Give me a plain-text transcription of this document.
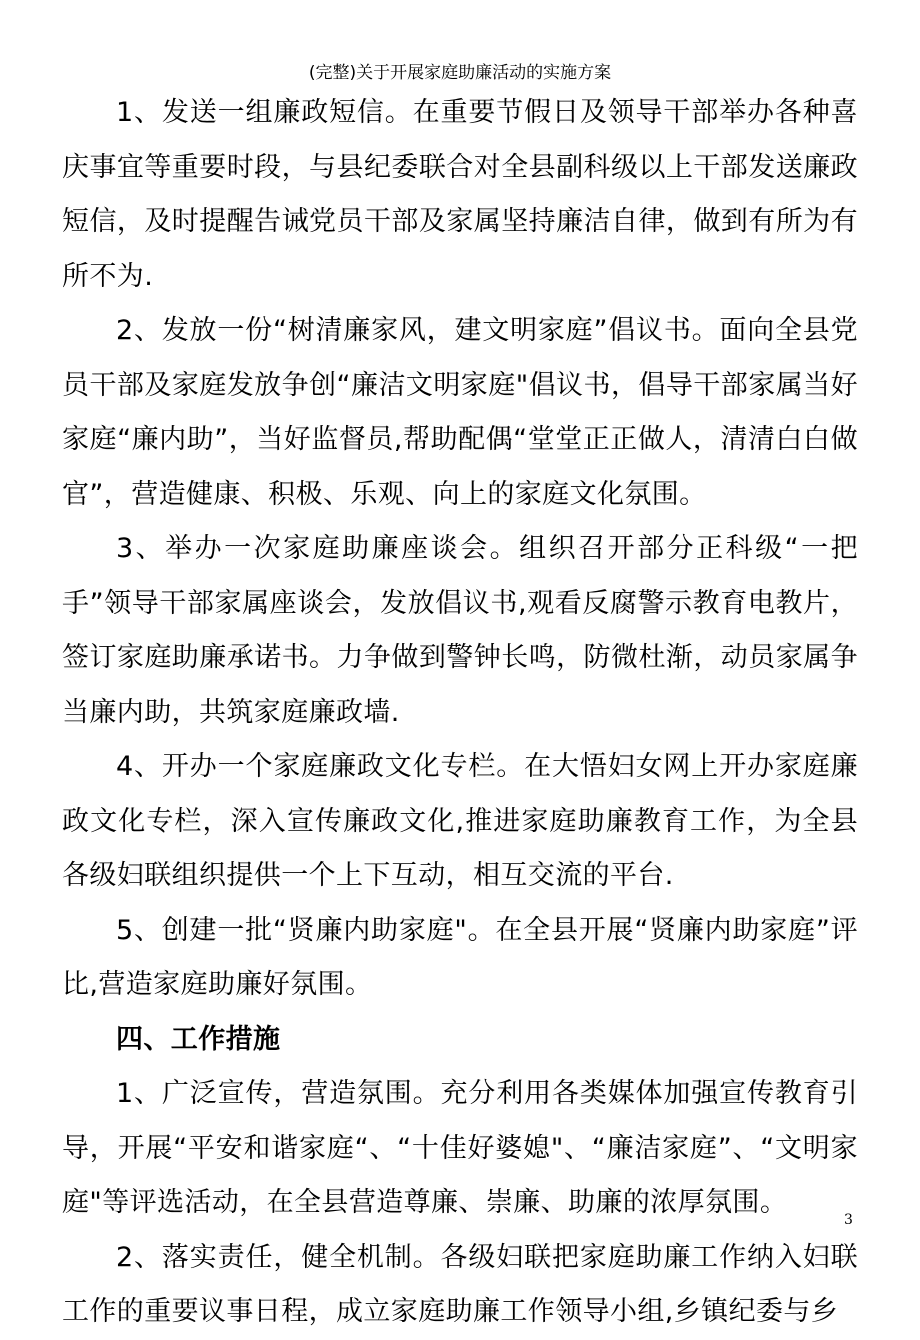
(完整)关于开展家庭助廉活动的实施方案

1、发送一组廉政短信。在重要节假日及领导干部举办各种喜庆事宜等重要时段，与县纪委联合对全县副科级以上干部发送廉政短信，及时提醒告诫党员干部及家属坚持廉洁自律，做到有所为有所不为.

2、发放一份“树清廉家风，建文明家庭”倡议书。面向全县党员干部及家庭发放争创“廉洁文明家庭"倡议书，倡导干部家属当好家庭“廉内助”，当好监督员,帮助配偶“堂堂正正做人，清清白白做官”，营造健康、积极、乐观、向上的家庭文化氛围。

3、举办一次家庭助廉座谈会。组织召开部分正科级“一把手”领导干部家属座谈会，发放倡议书,观看反腐警示教育电教片，签订家庭助廉承诺书。力争做到警钟长鸣，防微杜渐，动员家属争当廉内助，共筑家庭廉政墙.

4、开办一个家庭廉政文化专栏。在大悟妇女网上开办家庭廉政文化专栏，深入宣传廉政文化,推进家庭助廉教育工作，为全县各级妇联组织提供一个上下互动，相互交流的平台.

5、创建一批“贤廉内助家庭"。在全县开展“贤廉内助家庭”评比,营造家庭助廉好氛围。

四、工作措施

1、广泛宣传，营造氛围。充分利用各类媒体加强宣传教育引导，开展“平安和谐家庭“、“十佳好婆媳"、“廉洁家庭”、“文明家庭"等评选活动，在全县营造尊廉、崇廉、助廉的浓厚氛围。

2、落实责任，健全机制。各级妇联把家庭助廉工作纳入妇联工作的重要议事日程，成立家庭助廉工作领导小组,乡镇纪委与乡

3
